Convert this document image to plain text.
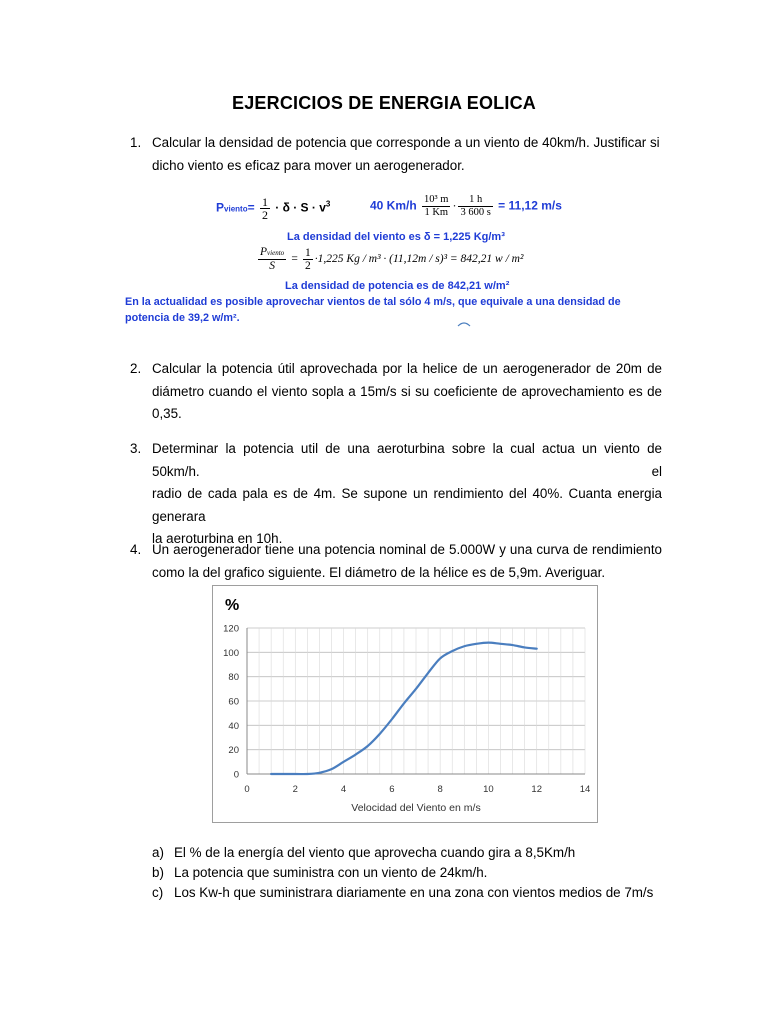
EJERCICIOS DE ENERGIA EOLICA
1. Calcular la densidad de potencia que corresponde a un viento de 40km/h. Justificar si
dicho viento es eficaz para mover un aerogenerador.
Pviento= $\frac{1}{2} \cdot \delta \cdot S \cdot v^3$	40 $Km/h \frac{\text{10³ m}}{1 Km} \cdot \frac{1 h}{3 600 s} = 11,12$ m/s
La densidad del viento es δ = 1,225 Kg/m³
$\frac{\text{Pviento}}{S} = \frac{1}{2} \cdot 1,225$ Kg / m³ · (11,12m / s)³ = 842,21 w / m²
La densidad de potencia es de 842,21 w/m²
En la actualidad es posible aprovechar vientos de tal sólo 4 m/s, que equivale a una densidad de
potencia de 39,2 w/m².
2. Calcular la potencia útil aprovechada por la helice de un aerogenerador de 20m de
diámetro cuando el viento sopla a 15m/s si su coeficiente de aprovechamiento es de 0,35.
3. Determinar la potencia util de una aeroturbina sobre la cual actua un viento de 50km/h. el
radio de cada pala es de 4m. Se supone un rendimiento del 40%. Cuanta energia generara
la aeroturbina en 10h.
4. Un aerogenerador tiene una potencia nominal de 5.000W y una curva de rendimiento
como la del grafico siguiente. El diámetro de la hélice es de 5,9m. Averiguar.
%
0
20
40
60
80
100
120
0	2	4	6	8	10	12	14
Velocidad del Viento en m/s
a) El % de la energía del viento que aprovecha cuando gira a 8,5Km/h
b) La potencia que suministra con un viento de 24km/h.
c) Los Kw-h que suministrara diariamente en una zona con vientos medios de 7m/s
